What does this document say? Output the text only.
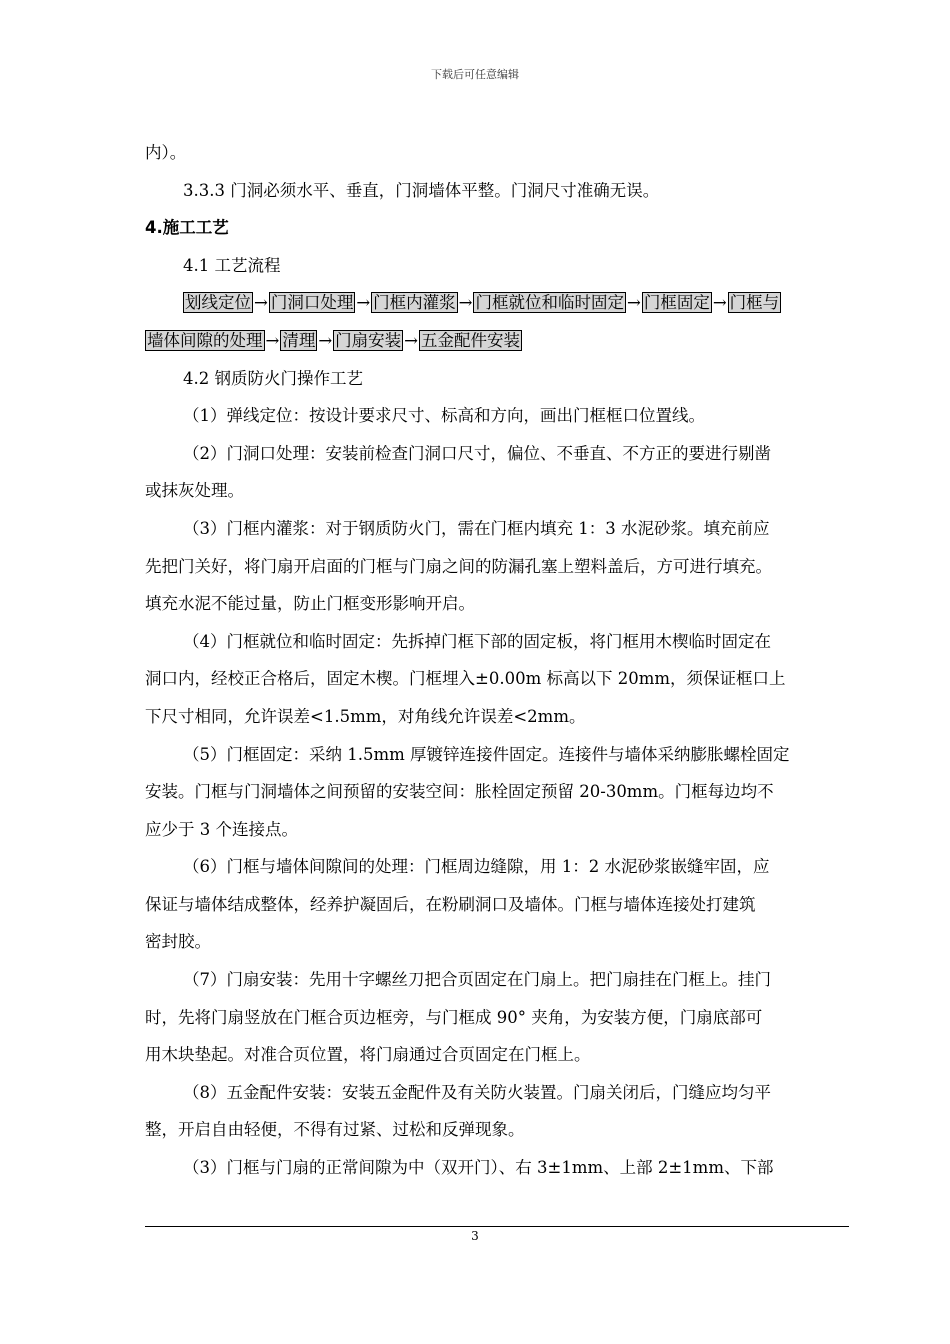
下载后可任意编辑
内）。
3.3.3 门洞必须水平、垂直，门洞墙体平整。门洞尺寸准确无误。
4.施工工艺
4.1 工艺流程
划线定位 → 门洞口处理 → 门框内灌浆 → 门框就位和临时固定 → 门框固定 → 门框与
墙体间隙的处理 → 清理 → 门扇安装 → 五金配件安装
4.2 钢质防火门操作工艺
（1）弹线定位：按设计要求尺寸、标高和方向，画出门框框口位置线。
（2）门洞口处理：安装前检查门洞口尺寸，偏位、不垂直、不方正的要进行剔凿
或抹灰处理。
（3）门框内灌浆：对于钢质防火门，需在门框内填充 1：3 水泥砂浆。填充前应
先把门关好，将门扇开启面的门框与门扇之间的防漏孔塞上塑料盖后，方可进行填充。
填充水泥不能过量，防止门框变形影响开启。
（4）门框就位和临时固定：先拆掉门框下部的固定板，将门框用木楔临时固定在
洞口内，经校正合格后，固定木楔。门框埋入±0.00m 标高以下 20mm，须保证框口上
下尺寸相同，允许误差<1.5mm，对角线允许误差<2mm。
（5）门框固定：采纳 1.5mm 厚镀锌连接件固定。连接件与墙体采纳膨胀螺栓固定
安装。门框与门洞墙体之间预留的安装空间：胀栓固定预留 20-30mm。门框每边均不
应少于 3 个连接点。
（6）门框与墙体间隙间的处理：门框周边缝隙，用 1：2 水泥砂浆嵌缝牢固，应
保证与墙体结成整体，经养护凝固后，在粉刷洞口及墙体。门框与墙体连接处打建筑
密封胶。
（7）门扇安装：先用十字螺丝刀把合页固定在门扇上。把门扇挂在门框上。挂门
时，先将门扇竖放在门框合页边框旁，与门框成 90° 夹角，为安装方便，门扇底部可
用木块垫起。对准合页位置，将门扇通过合页固定在门框上。
（8）五金配件安装：安装五金配件及有关防火装置。门扇关闭后，门缝应均匀平
整，开启自由轻便，不得有过紧、过松和反弹现象。
（3）门框与门扇的正常间隙为中（双开门）、右 3±1mm、上部 2±1mm、下部
3
